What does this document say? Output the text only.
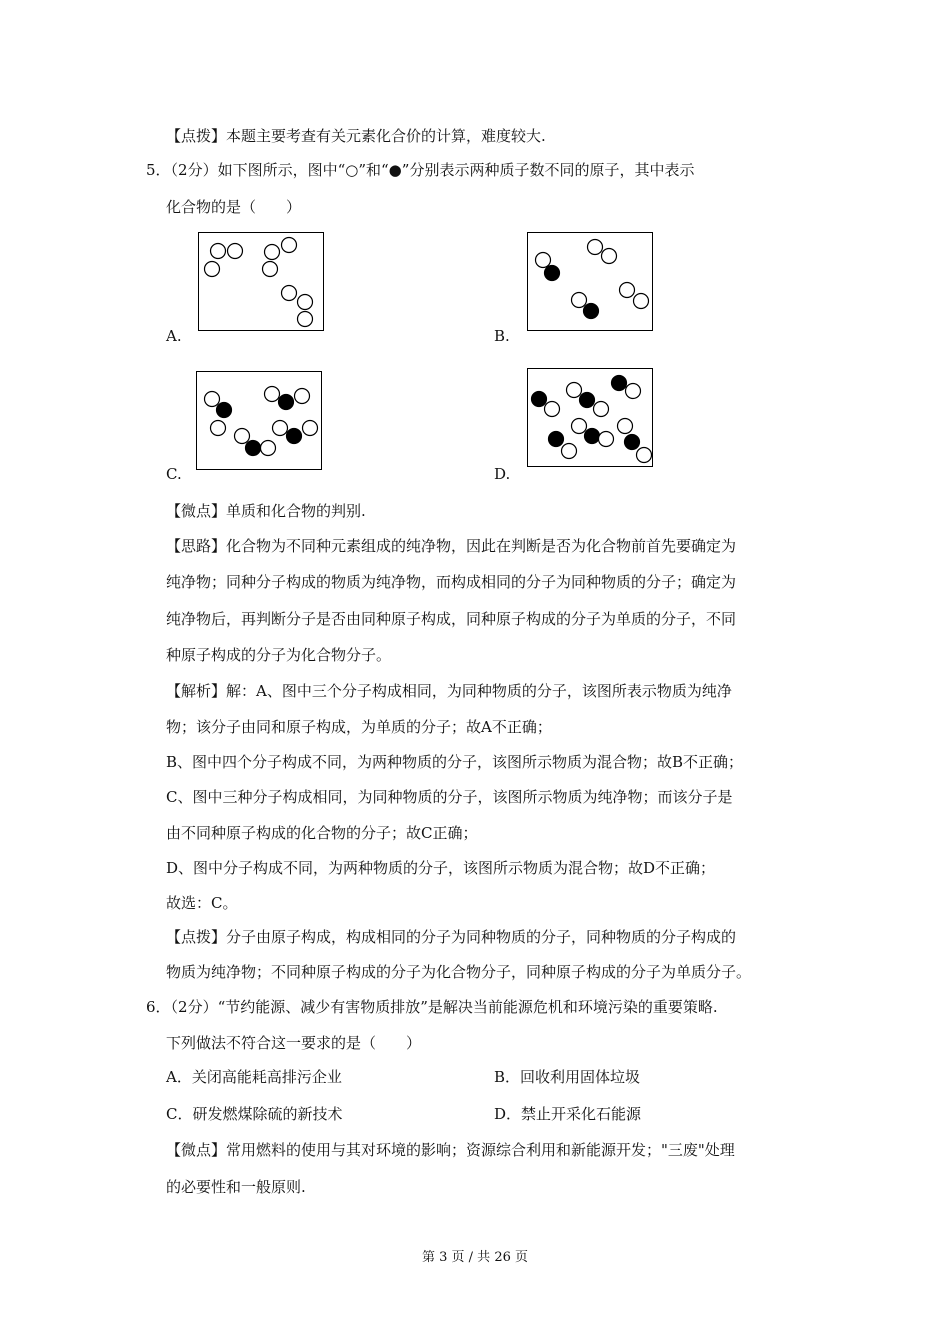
【点拨】本题主要考查有关元素化合价的计算，难度较大.
5．（2分）如下图所示，图中“○”和“●”分别表示两种质子数不同的原子，其中表示
化合物的是（　　）
A.	B.
C.	D.
【微点】单质和化合物的判别.
【思路】化合物为不同种元素组成的纯净物，因此在判断是否为化合物前首先要确定为
纯净物；同种分子构成的物质为纯净物，而构成相同的分子为同种物质的分子；确定为
纯净物后，再判断分子是否由同种原子构成，同种原子构成的分子为单质的分子，不同
种原子构成的分子为化合物分子。
【解析】解：A、图中三个分子构成相同，为同种物质的分子，该图所表示物质为纯净
物；该分子由同和原子构成，为单质的分子；故A不正确；
B、图中四个分子构成不同，为两种物质的分子，该图所示物质为混合物；故B不正确；
C、图中三种分子构成相同，为同种物质的分子，该图所示物质为纯净物；而该分子是
由不同种原子构成的化合物的分子；故C正确；
D、图中分子构成不同，为两种物质的分子，该图所示物质为混合物；故D不正确；
故选：C。
【点拨】分子由原子构成，构成相同的分子为同种物质的分子，同种物质的分子构成的
物质为纯净物；不同种原子构成的分子为化合物分子，同种原子构成的分子为单质分子。
6．（2分）“节约能源、减少有害物质排放”是解决当前能源危机和环境污染的重要策略.
下列做法不符合这一要求的是（　　）
A．关闭高能耗高排污企业	B．回收利用固体垃圾
C．研发燃煤除硫的新技术	D．禁止开采化石能源
【微点】常用燃料的使用与其对环境的影响；资源综合利用和新能源开发；"三废"处理
的必要性和一般原则.
第 3 页 / 共 26 页
